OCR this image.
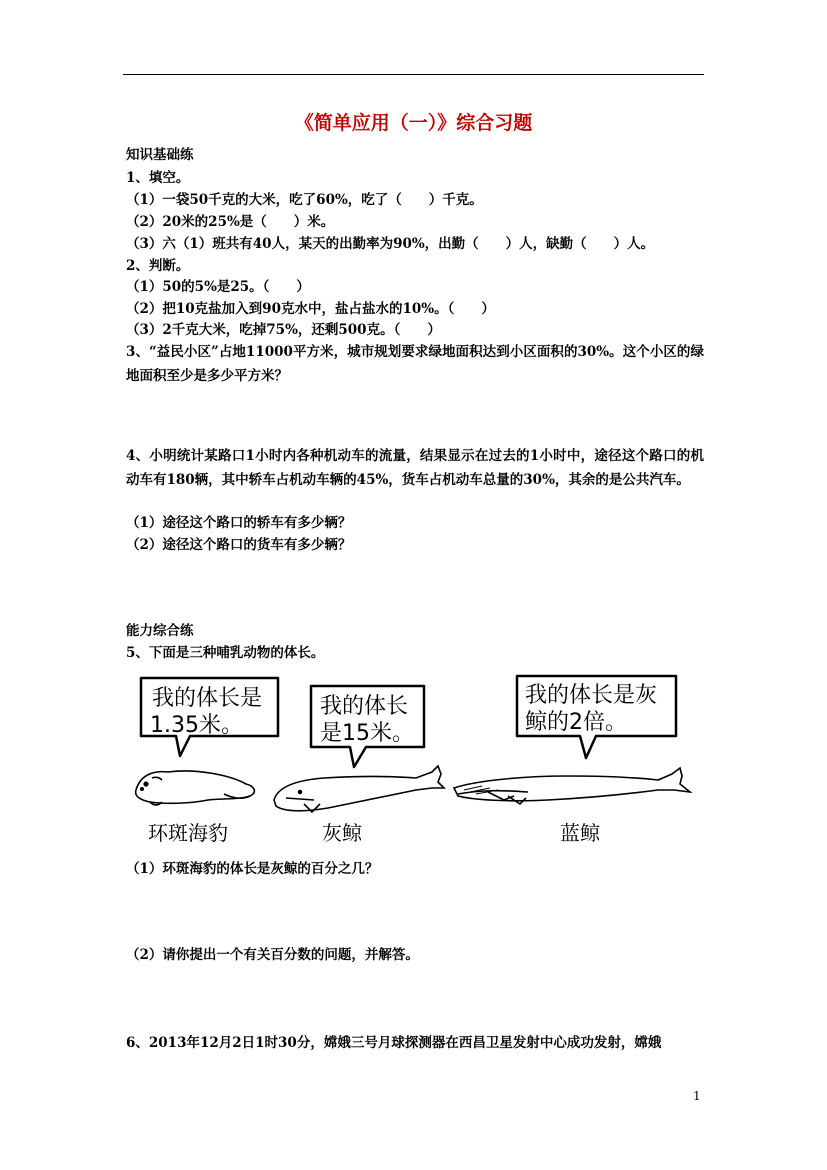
《简单应用（一）》综合习题
知识基础练
1、填空。
（1）一袋50千克的大米，吃了60%，吃了（　　）千克。
（2）20米的25%是（　　）米。
（3）六（1）班共有40人，某天的出勤率为90%，出勤（　　）人，缺勤（　　）人。
2、判断。
（1）50的5%是25。（　　）
（2）把10克盐加入到90克水中，盐占盐水的10%。（　　）
（3）2千克大米，吃掉75%，还剩500克。（　　）
3、“益民小区”占地11000平方米，城市规划要求绿地面积达到小区面积的30%。这个小区的绿地面积至少是多少平方米？
4、小明统计某路口1小时内各种机动车的流量，结果显示在过去的1小时中，途径这个路口的机动车有180辆，其中轿车占机动车辆的45%，货车占机动车总量的30%，其余的是公共汽车。
（1）途径这个路口的轿车有多少辆？
（2）途径这个路口的货车有多少辆？
能力综合练
5、下面是三种哺乳动物的体长。
我的体长是
1.35米。
我的体长
是15米。
我的体长是灰
鲸的2倍。
环斑海豹	灰鲸	蓝鲸
（1）环斑海豹的体长是灰鲸的百分之几？
（2）请你提出一个有关百分数的问题，并解答。
6、2013年12月2日1时30分，嫦娥三号月球探测器在西昌卫星发射中心成功发射，嫦娥
1
